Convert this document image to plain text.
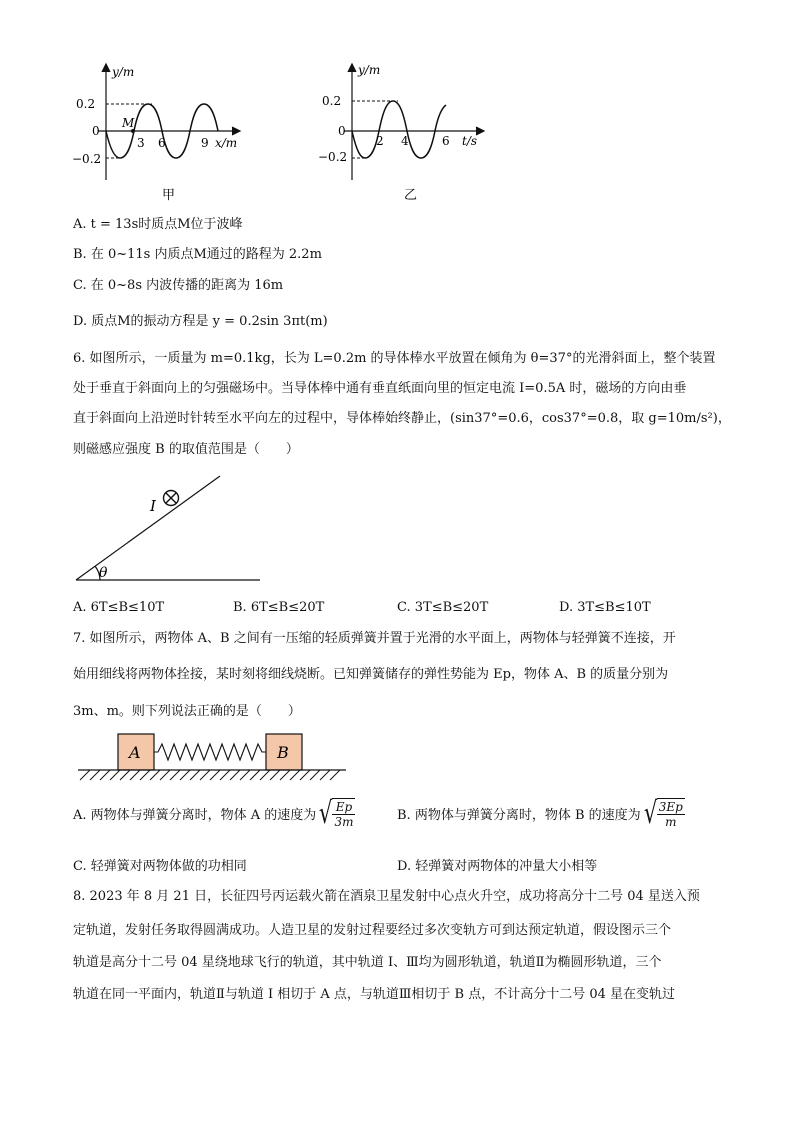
y/m
0.2
0
−0.2
M
3 6	9 x/m
甲
y/m
0.2
0
−0.2
2 4	6 t/s
乙
A. t = 13s时质点M位于波峰
B. 在 0~11s 内质点M通过的路程为 2.2m
C. 在 0~8s 内波传播的距离为 16m
D. 质点M的振动方程是 y = 0.2sin 3πt(m)
6. 如图所示，一质量为 m=0.1kg，长为 L=0.2m 的导体棒水平放置在倾角为 θ=37°的光滑斜面上，整个装置
处于垂直于斜面向上的匀强磁场中。当导体棒中通有垂直纸面向里的恒定电流 I=0.5A 时，磁场的方向由垂
直于斜面向上沿逆时针转至水平向左的过程中，导体棒始终静止，(sin37°=0.6，cos37°=0.8，取 g=10m/s²)，
则磁感应强度 B 的取值范围是（　　）
I
θ
A. 6T≤B≤10T	B. 6T≤B≤20T	C. 3T≤B≤20T	D. 3T≤B≤10T
7. 如图所示，两物体 A、B 之间有一压缩的轻质弹簧并置于光滑的水平面上，两物体与轻弹簧不连接，开
始用细线将两物体拴接，某时刻将细线烧断。已知弹簧储存的弹性势能为 Ep，物体 A、B 的质量分别为
3m、m。则下列说法正确的是（　　）
A	B
A. 两物体与弹簧分离时，物体 A 的速度为 √ $\frac{Ep}{3m}$	B. 两物体与弹簧分离时，物体 B 的速度为 √ $\frac{3Ep}{m}$
C. 轻弹簧对两物体做的功相同	D. 轻弹簧对两物体的冲量大小相等
8. 2023 年 8 月 21 日，长征四号丙运载火箭在酒泉卫星发射中心点火升空，成功将高分十二号 04 星送入预
定轨道，发射任务取得圆满成功。人造卫星的发射过程要经过多次变轨方可到达预定轨道，假设图示三个
轨道是高分十二号 04 星绕地球飞行的轨道，其中轨道 Ⅰ、Ⅲ均为圆形轨道，轨道Ⅱ为椭圆形轨道，三个
轨道在同一平面内，轨道Ⅱ与轨道 Ⅰ 相切于 A 点，与轨道Ⅲ相切于 B 点，不计高分十二号 04 星在变轨过
